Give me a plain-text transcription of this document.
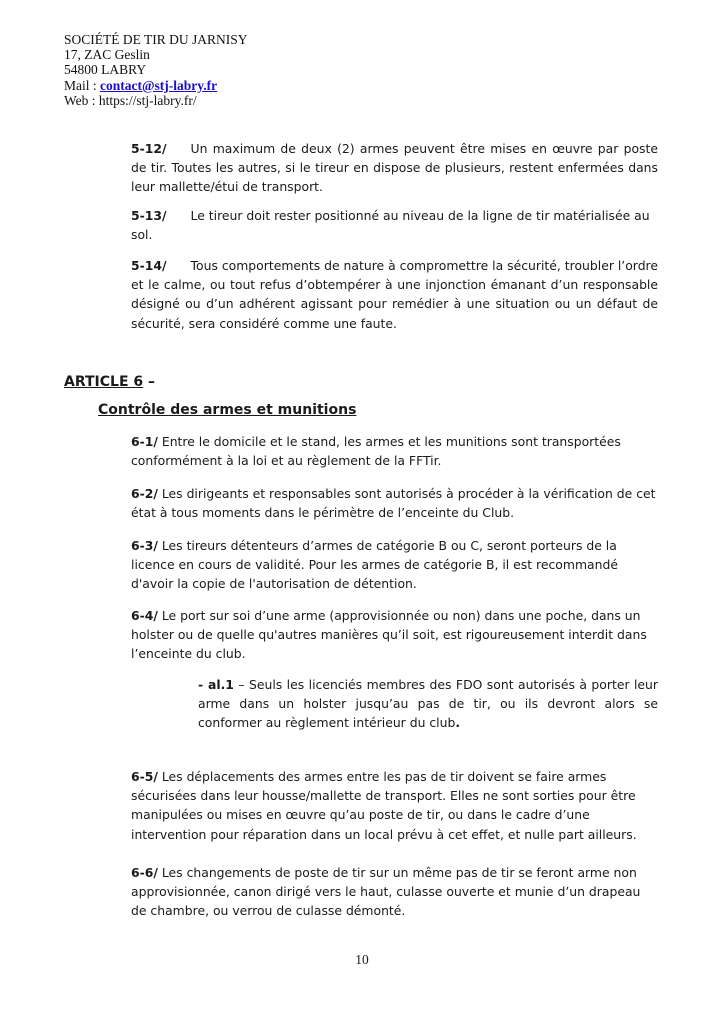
SOCIÉTÉ DE TIR DU JARNISY
17, ZAC Geslin
54800 LABRY
Mail : contact@stj-labry.fr
Web : https://stj-labry.fr/

5-12/ Un maximum de deux (2) armes peuvent être mises en œuvre par poste de tir. Toutes les autres, si le tireur en dispose de plusieurs, restent enfermées dans leur mallette/étui de transport.

5-13/ Le tireur doit rester positionné au niveau de la ligne de tir matérialisée au sol.

5-14/ Tous comportements de nature à compromettre la sécurité, troubler l’ordre et le calme, ou tout refus d’obtempérer à une injonction émanant d’un responsable désigné ou d’un adhérent agissant pour remédier à une situation ou un défaut de sécurité, sera considéré comme une faute.

ARTICLE 6 –

Contrôle des armes et munitions

6-1/ Entre le domicile et le stand, les armes et les munitions sont transportées conformément à la loi et au règlement de la FFTir.

6-2/ Les dirigeants et responsables sont autorisés à procéder à la vérification de cet état à tous moments dans le périmètre de l’enceinte du Club.

6-3/ Les tireurs détenteurs d’armes de catégorie B ou C, seront porteurs de la licence en cours de validité. Pour les armes de catégorie B, il est recommandé d'avoir la copie de l'autorisation de détention.

6-4/ Le port sur soi d’une arme (approvisionnée ou non) dans une poche, dans un holster ou de quelle qu'autres manières qu’il soit, est rigoureusement interdit dans l’enceinte du club.

- al.1 – Seuls les licenciés membres des FDO sont autorisés à porter leur arme dans un holster jusqu’au pas de tir, ou ils devront alors se conformer au règlement intérieur du club.

6-5/ Les déplacements des armes entre les pas de tir doivent se faire armes sécurisées dans leur housse/mallette de transport. Elles ne sont sorties pour être manipulées ou mises en œuvre qu’au poste de tir, ou dans le cadre d’une intervention pour réparation dans un local prévu à cet effet, et nulle part ailleurs.

6-6/ Les changements de poste de tir sur un même pas de tir se feront arme non approvisionnée, canon dirigé vers le haut, culasse ouverte et munie d’un drapeau de chambre, ou verrou de culasse démonté.

10
